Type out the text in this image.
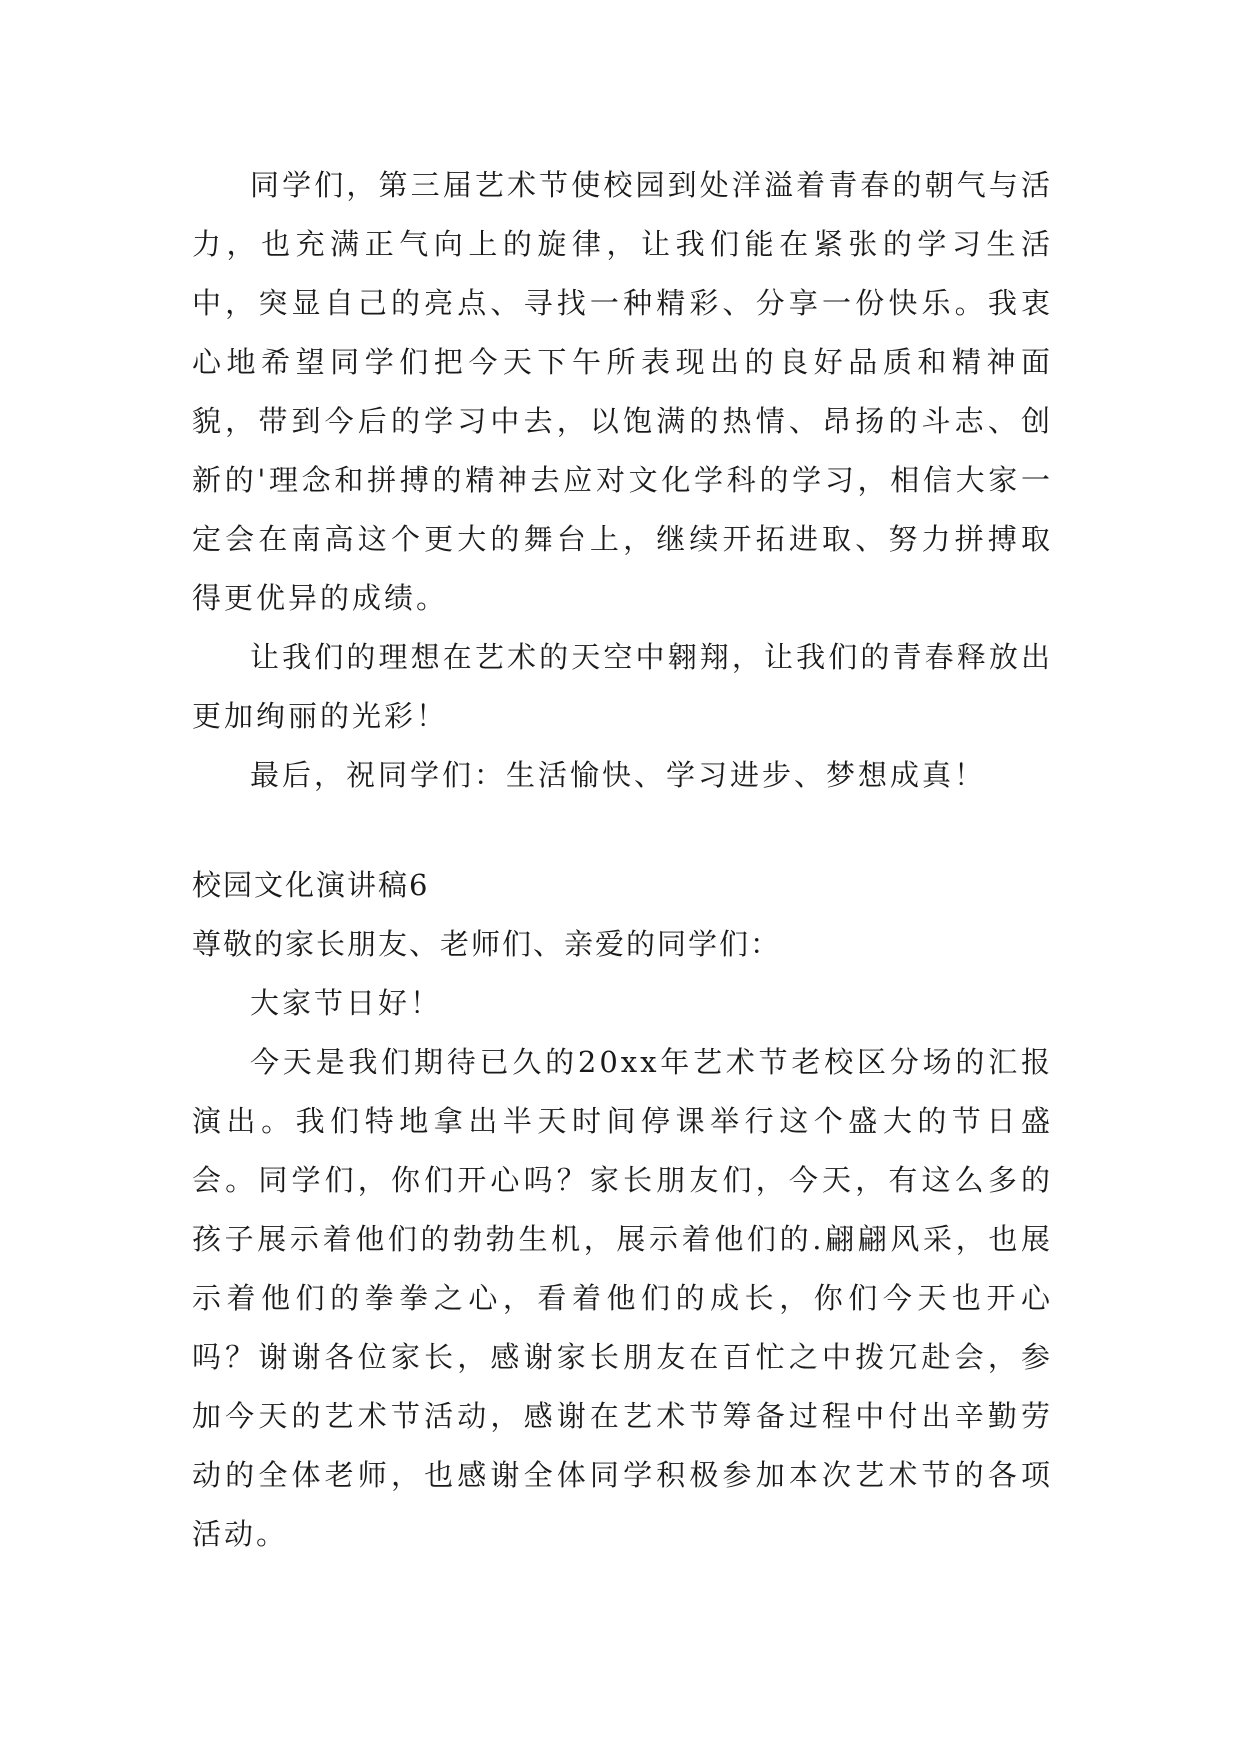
同学们，第三届艺术节使校园到处洋溢着青春的朝气与活力，也充满正气向上的旋律，让我们能在紧张的学习生活中，突显自己的亮点、寻找一种精彩、分享一份快乐。我衷心地希望同学们把今天下午所表现出的良好品质和精神面貌，带到今后的学习中去，以饱满的热情、昂扬的斗志、创新的'理念和拼搏的精神去应对文化学科的学习，相信大家一定会在南高这个更大的舞台上，继续开拓进取、努力拼搏取得更优异的成绩。

让我们的理想在艺术的天空中翱翔，让我们的青春释放出更加绚丽的光彩！

最后，祝同学们：生活愉快、学习进步、梦想成真！

校园文化演讲稿6

尊敬的家长朋友、老师们、亲爱的同学们：

大家节日好！

今天是我们期待已久的20xx年艺术节老校区分场的汇报演出。我们特地拿出半天时间停课举行这个盛大的节日盛会。同学们，你们开心吗？家长朋友们，今天，有这么多的孩子展示着他们的勃勃生机，展示着他们的.翩翩风采，也展示着他们的拳拳之心，看着他们的成长，你们今天也开心吗？谢谢各位家长，感谢家长朋友在百忙之中拨冗赴会，参加今天的艺术节活动，感谢在艺术节筹备过程中付出辛勤劳动的全体老师，也感谢全体同学积极参加本次艺术节的各项活动。
